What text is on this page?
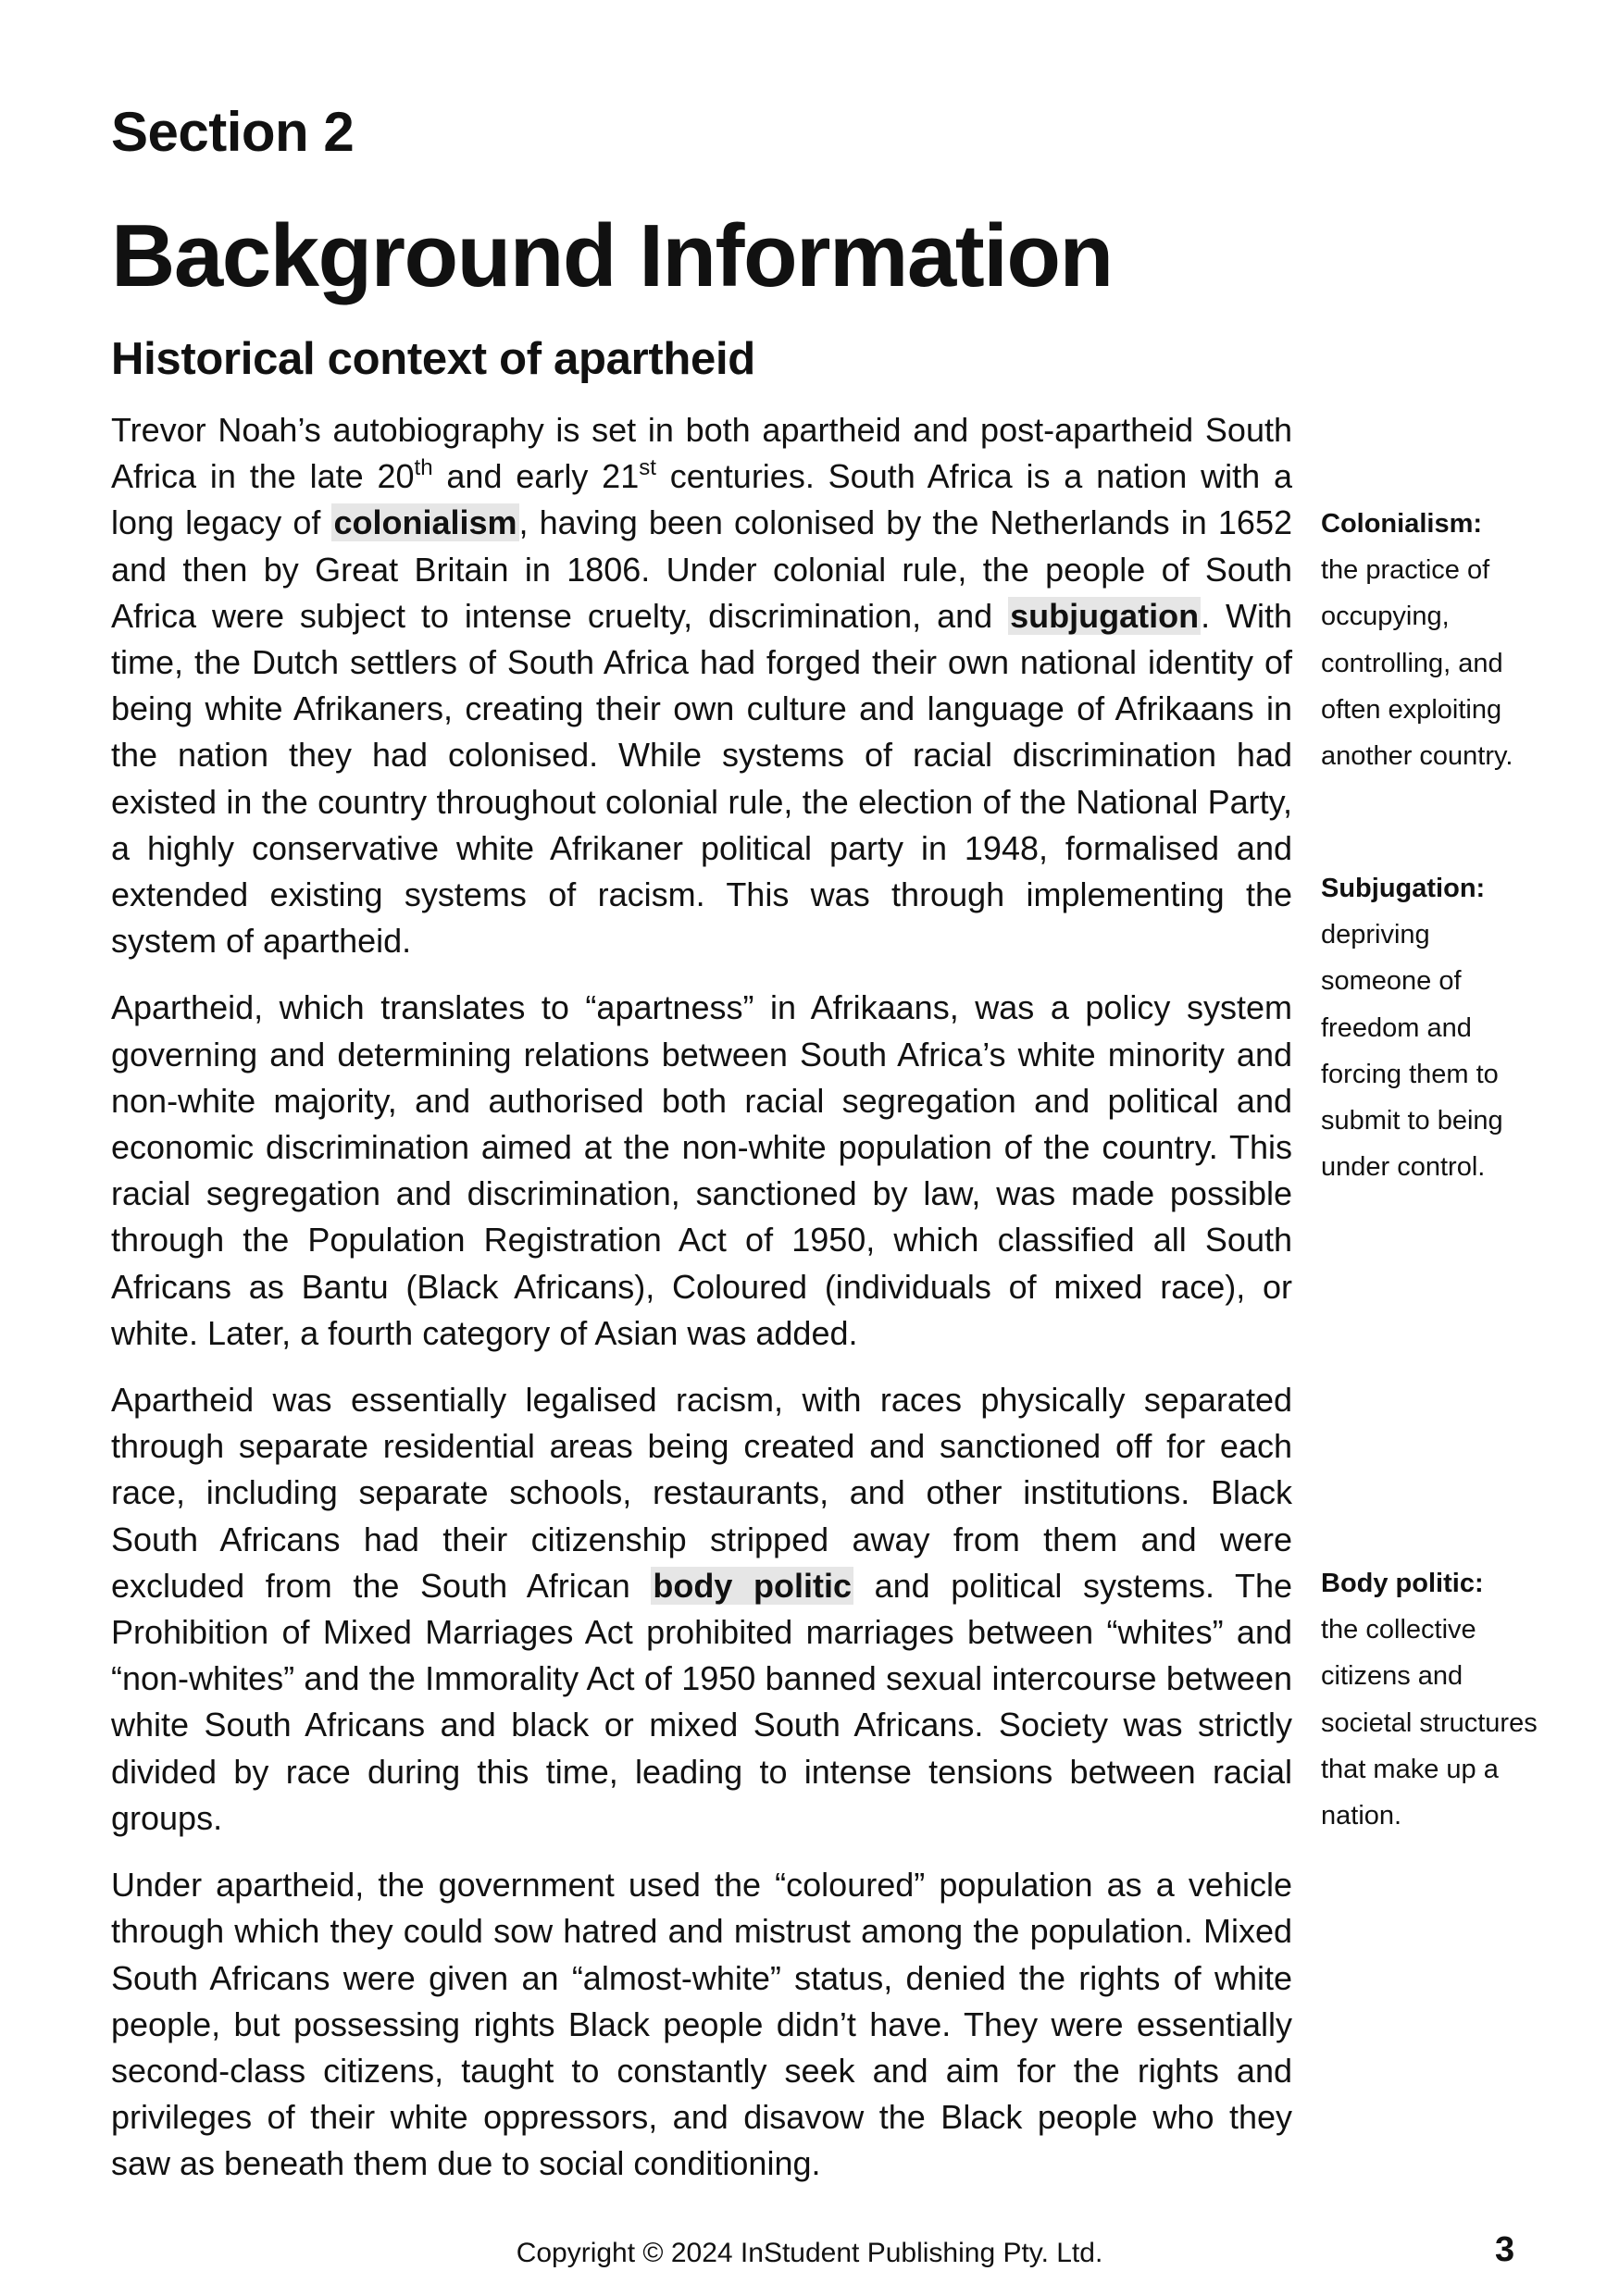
Section 2
Background Information
Historical context of apartheid

Trevor Noah’s autobiography is set in both apartheid and post-apartheid South Africa in the late 20th and early 21st centuries. South Africa is a nation with a long legacy of colonialism, having been colonised by the Netherlands in 1652 and then by Great Britain in 1806. Under colonial rule, the people of South Africa were subject to intense cruelty, discrimination, and subjugation. With time, the Dutch settlers of South Africa had forged their own national identity of being white Afrikaners, creating their own culture and language of Afrikaans in the nation they had colonised. While systems of racial discrimination had existed in the country throughout colonial rule, the election of the National Party, a highly conservative white Afrikaner political party in 1948, formalised and extended existing systems of racism. This was through implementing the system of apartheid.

Apartheid, which translates to “apartness” in Afrikaans, was a policy system governing and determining relations between South Africa’s white minority and non-white majority, and authorised both racial segregation and political and economic discrimination aimed at the non-white population of the country. This racial segregation and discrimination, sanctioned by law, was made possible through the Population Registration Act of 1950, which classified all South Africans as Bantu (Black Africans), Coloured (individuals of mixed race), or white. Later, a fourth category of Asian was added.

Apartheid was essentially legalised racism, with races physically separated through separate residential areas being created and sanctioned off for each race, including separate schools, restaurants, and other institutions. Black South Africans had their citizenship stripped away from them and were excluded from the South African body politic and political systems. The Prohibition of Mixed Marriages Act prohibited marriages between “whites” and “non-whites” and the Immorality Act of 1950 banned sexual intercourse between white South Africans and black or mixed South Africans. Society was strictly divided by race during this time, leading to intense tensions between racial groups.

Under apartheid, the government used the “coloured” population as a vehicle through which they could sow hatred and mistrust among the population. Mixed South Africans were given an “almost-white” status, denied the rights of white people, but possessing rights Black people didn’t have. They were essentially second-class citizens, taught to constantly seek and aim for the rights and privileges of their white oppressors, and disavow the Black people who they saw as beneath them due to social conditioning.

Colonialism:
the practice of occupying, controlling, and often exploiting another country.
Subjugation:
depriving someone of freedom and forcing them to submit to being under control.
Body politic:
the collective citizens and societal structures that make up a nation.

Copyright © 2024 InStudent Publishing Pty. Ltd.	3
